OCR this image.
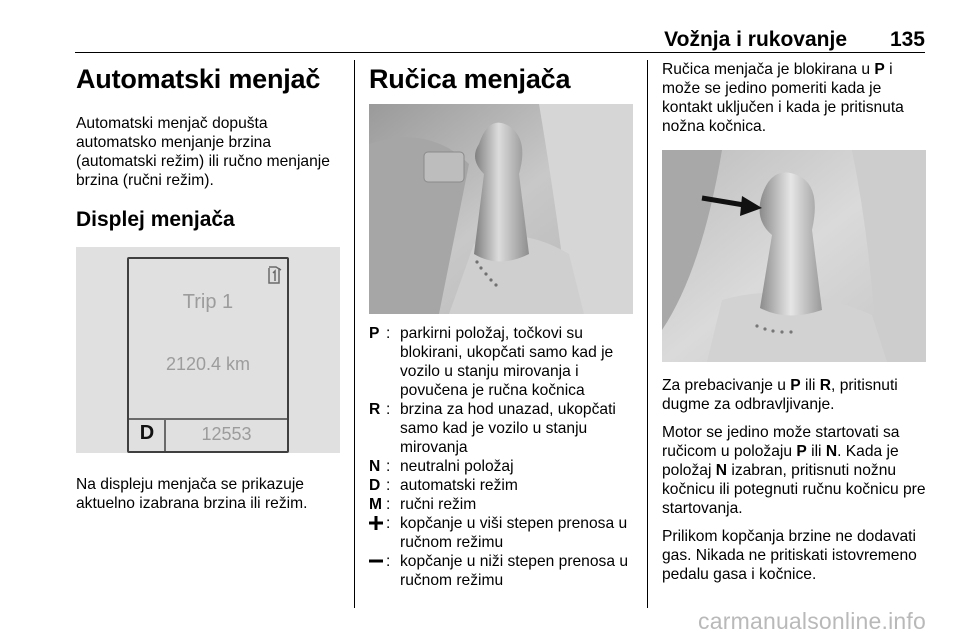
Vožnja i rukovanje 135
Automatski menjač

Automatski menjač dopušta automatsko menjanje brzina (automatski režim) ili ručno menjanje brzina (ručni režim).

Displej menjača
Trip 1
2120.4 km
D	12553

Na displeju menjača se prikazuje aktuelno izabrana brzina ili režim.

Ručica menjača
P : parkirni položaj, točkovi su blokirani, ukopčati samo kad je vozilo u stanju mirovanja i povučena je ručna kočnica
R : brzina za hod unazad, ukopčati samo kad je vozilo u stanju mirovanja
N : neutralni položaj
D : automatski režim
M : ručni režim
: kopčanje u viši stepen prenosa u ručnom režimu
: kopčanje u niži stepen prenosa u ručnom režimu

Ručica menjača je blokirana u P i može se jedino pomeriti kada je kontakt uključen i kada je pritisnuta nožna kočnica.

Za prebacivanje u P ili R, pritisnuti dugme za odbravljivanje.

Motor se jedino može startovati sa ručicom u položaju P ili N. Kada je položaj N izabran, pritisnuti nožnu kočnicu ili potegnuti ručnu kočnicu pre startovanja.

Prilikom kopčanja brzine ne dodavati gas. Nikada ne pritiskati istovremeno pedalu gasa i kočnice.

carmanualsonline.info
